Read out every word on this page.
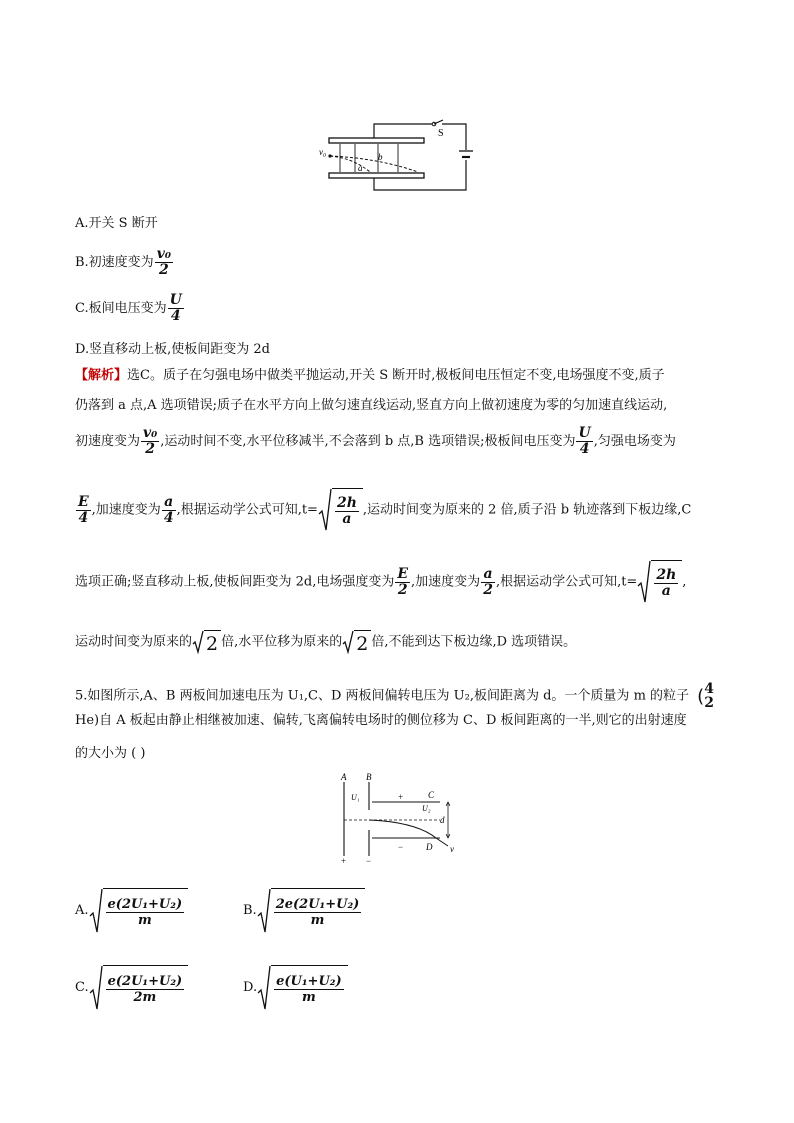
v₀
a
b
S
A.开关 S 断开
B.初速度变为 $\frac{\text{v₀}}{2}$
C.板间电压变为 $\frac{U}{4}$
D.竖直移动上板,使板间距变为 2d
【解析】选C。质子在匀强电场中做类平抛运动,开关 S 断开时,极板间电压恒定不变,电场强度不变,质子
仍落到 a 点,A 选项错误;质子在水平方向上做匀速直线运动,竖直方向上做初速度为零的匀加速直线运动,
初速度变为 $\frac{\text{v₀}}{2}$ ,运动时间不变,水平位移减半,不会落到 b 点,B 选项错误;极板间电压变为 $\frac{U}{4}$ ,匀强电场变为
$\frac{E}{4}$ ,加速度变为 $\frac{a}{4}$ ,根据运动学公式可知$,t= \frac{2h}{a}$ ,运动时间变为原来的 2 倍,质子沿 b 轨迹落到下板边缘,C
选项正确;竖直移动上板,使板间距变为 2d,电场强度变为 $\frac{E}{2}$ ,加速度变为 $\frac{a}{2}$ ,根据运动学公式可知$,t= \frac{2h}{a}$ ,
运动时间变为原来的 2 倍,水平位移为原来的 2 倍,不能到达下板边缘,D 选项错误。
5.如图所示,A、B 两板间加速电压为 U₁,C、D 两板间偏转电压为 U₂,板间距离为 d。一个质量为 m 的粒子 ( 4
2
He)自 A 板起由静止相继被加速、偏转,飞离偏转电场时的侧位移为 C、D 板间距离的一半,则它的出射速度
的大小为 ( )
A B
U₁	+	C
U₂
d
−	D v
+ −
A. $\frac{\text{e(2U₁+U₂)}}{m}$	B. $\frac{\text{2e(2U₁+U₂)}}{m}$
C. $\frac{\text{e(2U₁+U₂)}}{2m}$	D. $\frac{\text{e(U₁+U₂)}}{m}$
